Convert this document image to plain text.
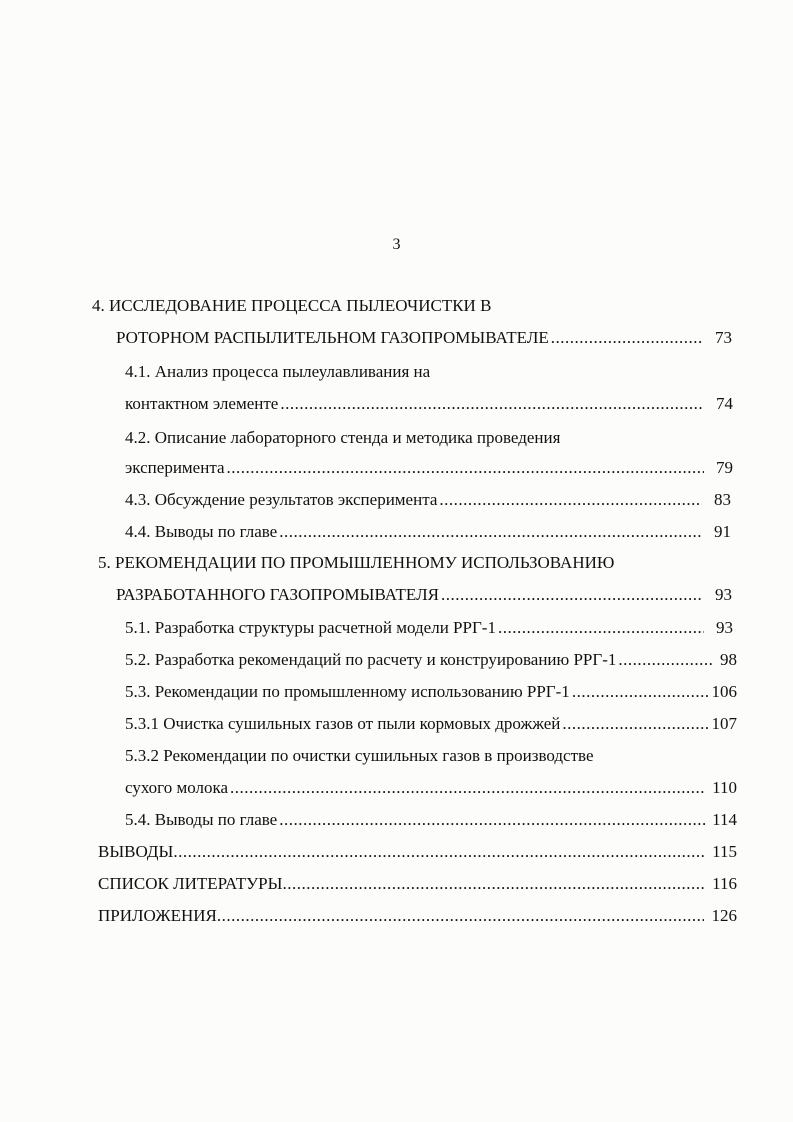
3
4. ИССЛЕДОВАНИЕ ПРОЦЕССА ПЫЛЕОЧИСТКИ В
РОТОРНОМ РАСПЫЛИТЕЛЬНОМ ГАЗОПРОМЫВАТЕЛЕ .....	73
4.1. Анализ процесса пылеулавливания на
контактном элементе .....	74
4.2. Описание лабораторного стенда и методика проведения
эксперимента .....	79
4.3. Обсуждение результатов эксперимента .....	83
4.4. Выводы по главе .....	91
5. РЕКОМЕНДАЦИИ ПО ПРОМЫШЛЕННОМУ ИСПОЛЬЗОВАНИЮ
РАЗРАБОТАННОГО ГАЗОПРОМЫВАТЕЛЯ .....	93
5.1. Разработка структуры расчетной модели РРГ-1 .....	93
5.2. Разработка рекомендаций по расчету и конструированию РРГ-1 .....	98
5.3. Рекомендации по промышленному использованию РРГ-1 .....	106
5.3.1 Очистка сушильных газов от пыли кормовых дрожжей .....	107
5.3.2 Рекомендации по очистки сушильных газов в производстве
сухого молока .....	110
5.4. Выводы по главе .....	114
ВЫВОДЫ .....	115
СПИСОК ЛИТЕРАТУРЫ .....	116
ПРИЛОЖЕНИЯ .....	126
